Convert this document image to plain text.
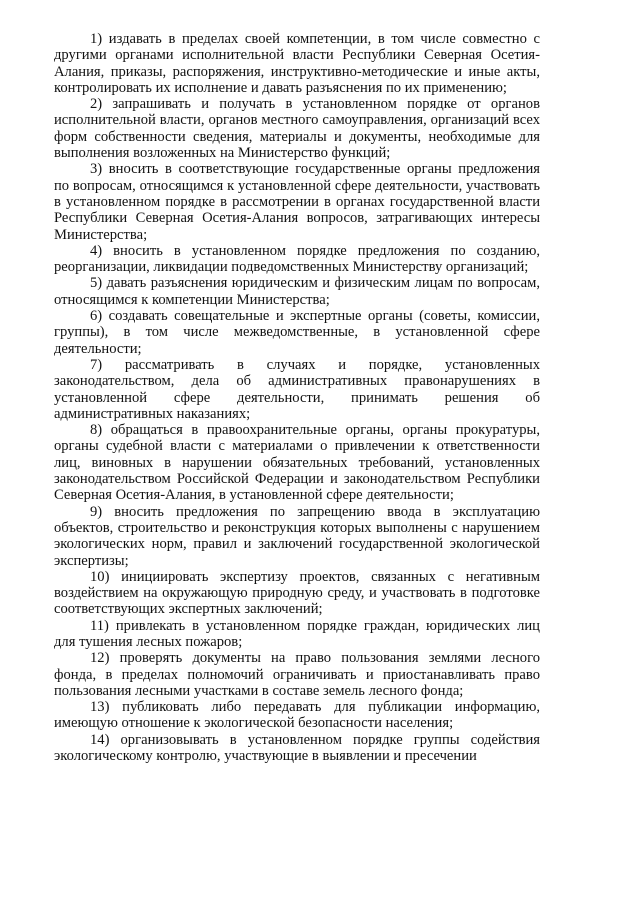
1) издавать в пределах своей компетенции, в том числе совместно с другими органами исполнительной власти Республики Северная Осетия-Алания, приказы, распоряжения, инструктивно-методические и иные акты, контролировать их исполнение и давать разъяснения по их применению;

2) запрашивать и получать в установленном порядке от органов исполнительной власти, органов местного самоуправления, организаций всех форм собственности сведения, материалы и документы, необходимые для выполнения возложенных на Министерство функций;

3) вносить в соответствующие государственные органы предложения по вопросам, относящимся к установленной сфере деятельности, участвовать в установленном порядке в рассмотрении в органах государственной власти Республики Северная Осетия-Алания вопросов, затрагивающих интересы Министерства;

4) вносить в установленном порядке предложения по созданию, реорганизации, ликвидации подведомственных Министерству организаций;

5) давать разъяснения юридическим и физическим лицам по вопросам, относящимся к компетенции Министерства;

6) создавать совещательные и экспертные органы (советы, комиссии, группы), в том числе межведомственные, в установленной сфере деятельности;

7) рассматривать в случаях и порядке, установленных законодательством, дела об административных правонарушениях в установленной сфере деятельности, принимать решения об административных наказаниях;

8) обращаться в правоохранительные органы, органы прокуратуры, органы судебной власти с материалами о привлечении к ответственности лиц, виновных в нарушении обязательных требований, установленных законодательством Российской Федерации и законодательством Республики Северная Осетия-Алания, в установленной сфере деятельности;

9) вносить предложения по запрещению ввода в эксплуатацию объектов, строительство и реконструкция которых выполнены с нарушением экологических норм, правил и заключений государственной экологической экспертизы;

10) инициировать экспертизу проектов, связанных с негативным воздействием на окружающую природную среду, и участвовать в подготовке соответствующих экспертных заключений;

11) привлекать в установленном порядке граждан, юридических лиц для тушения лесных пожаров;

12) проверять документы на право пользования землями лесного фонда, в пределах полномочий ограничивать и приостанавливать право пользования лесными участками в составе земель лесного фонда;

13) публиковать либо передавать для публикации информацию, имеющую отношение к экологической безопасности населения;

14) организовывать в установленном порядке группы содействия экологическому контролю, участвующие в выявлении и пресечении
